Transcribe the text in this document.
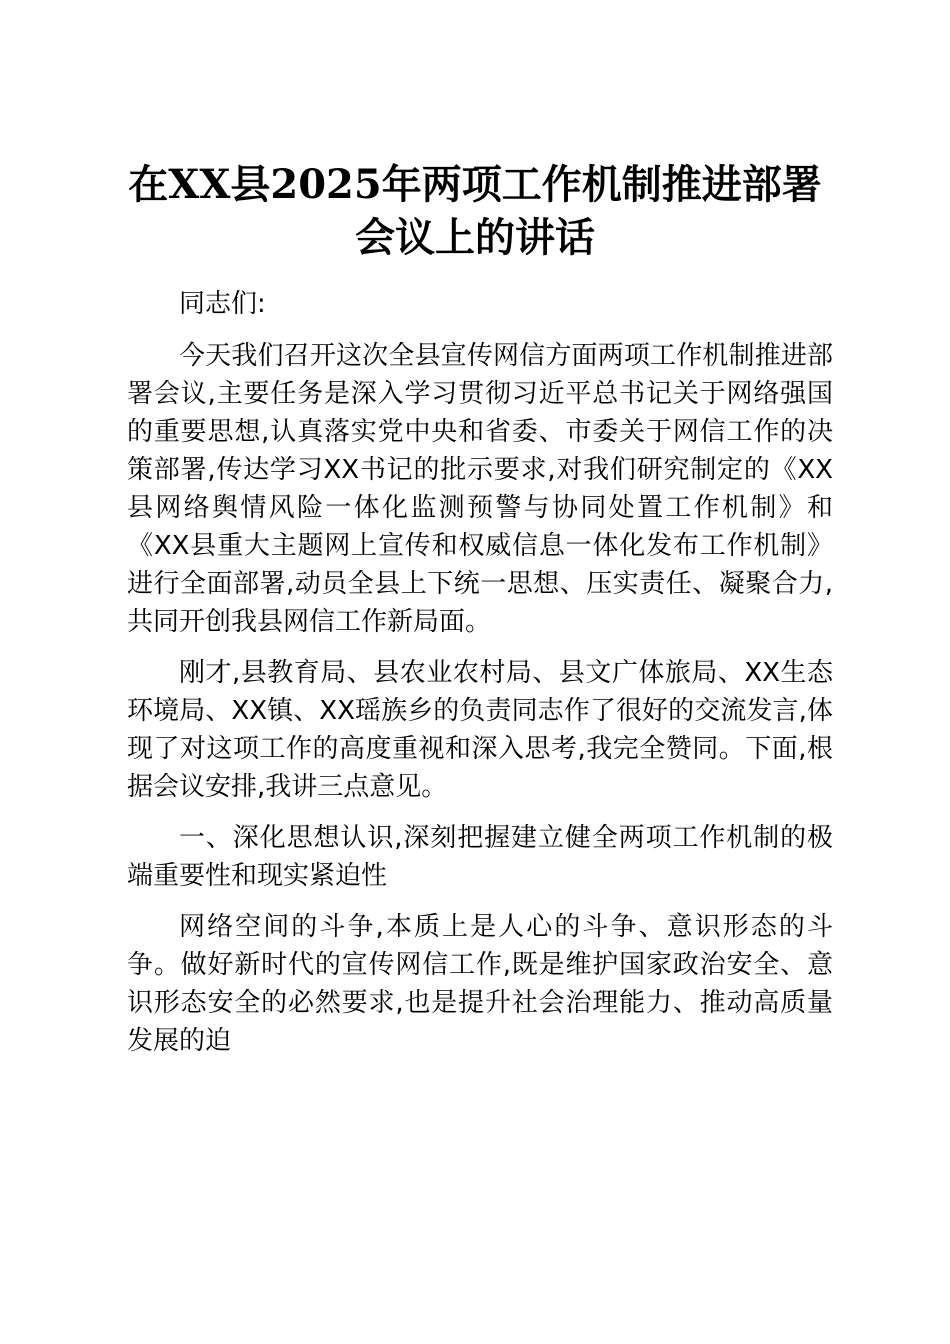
在XX县2025年两项工作机制推进部署会议上的讲话

同志们:

今天我们召开这次全县宣传网信方面两项工作机制推进部署会议,主要任务是深入学习贯彻习近平总书记关于网络强国的重要思想,认真落实党中央和省委、市委关于网信工作的决策部署,传达学习XX书记的批示要求,对我们研究制定的《XX县网络舆情风险一体化监测预警与协同处置工作机制》和《XX县重大主题网上宣传和权威信息一体化发布工作机制》进行全面部署,动员全县上下统一思想、压实责任、凝聚合力,共同开创我县网信工作新局面。

刚才,县教育局、县农业农村局、县文广体旅局、XX生态环境局、XX镇、XX瑶族乡的负责同志作了很好的交流发言,体现了对这项工作的高度重视和深入思考,我完全赞同。下面,根据会议安排,我讲三点意见。

一、深化思想认识,深刻把握建立健全两项工作机制的极端重要性和现实紧迫性

网络空间的斗争,本质上是人心的斗争、意识形态的斗争。做好新时代的宣传网信工作,既是维护国家政治安全、意识形态安全的必然要求,也是提升社会治理能力、推动高质量发展的迫
